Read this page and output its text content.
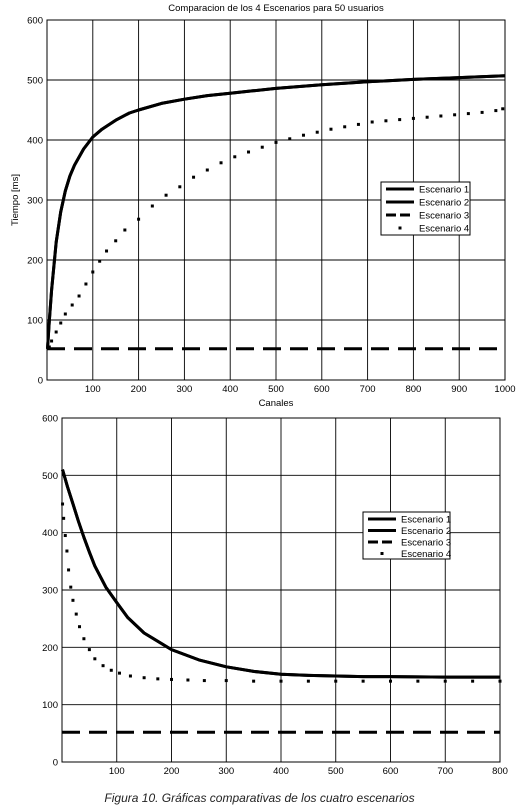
Comparacion de los 4 Escenarios para 50 usuarios
0
100
200
300
400
500
600
100	200	300	400	500	600	700	800	900	1000
Canales
Tiempo [ms]	Escenario 1
Escenario 2
Escenario 3
Escenario 4
0
100
200
300
400
500
600
100	200	300	400	500	600	700	800
Escenario 1
Escenario 2
Escenario 3
Escenario 4
Figura 10. Gráficas comparativas de los cuatro escenarios
